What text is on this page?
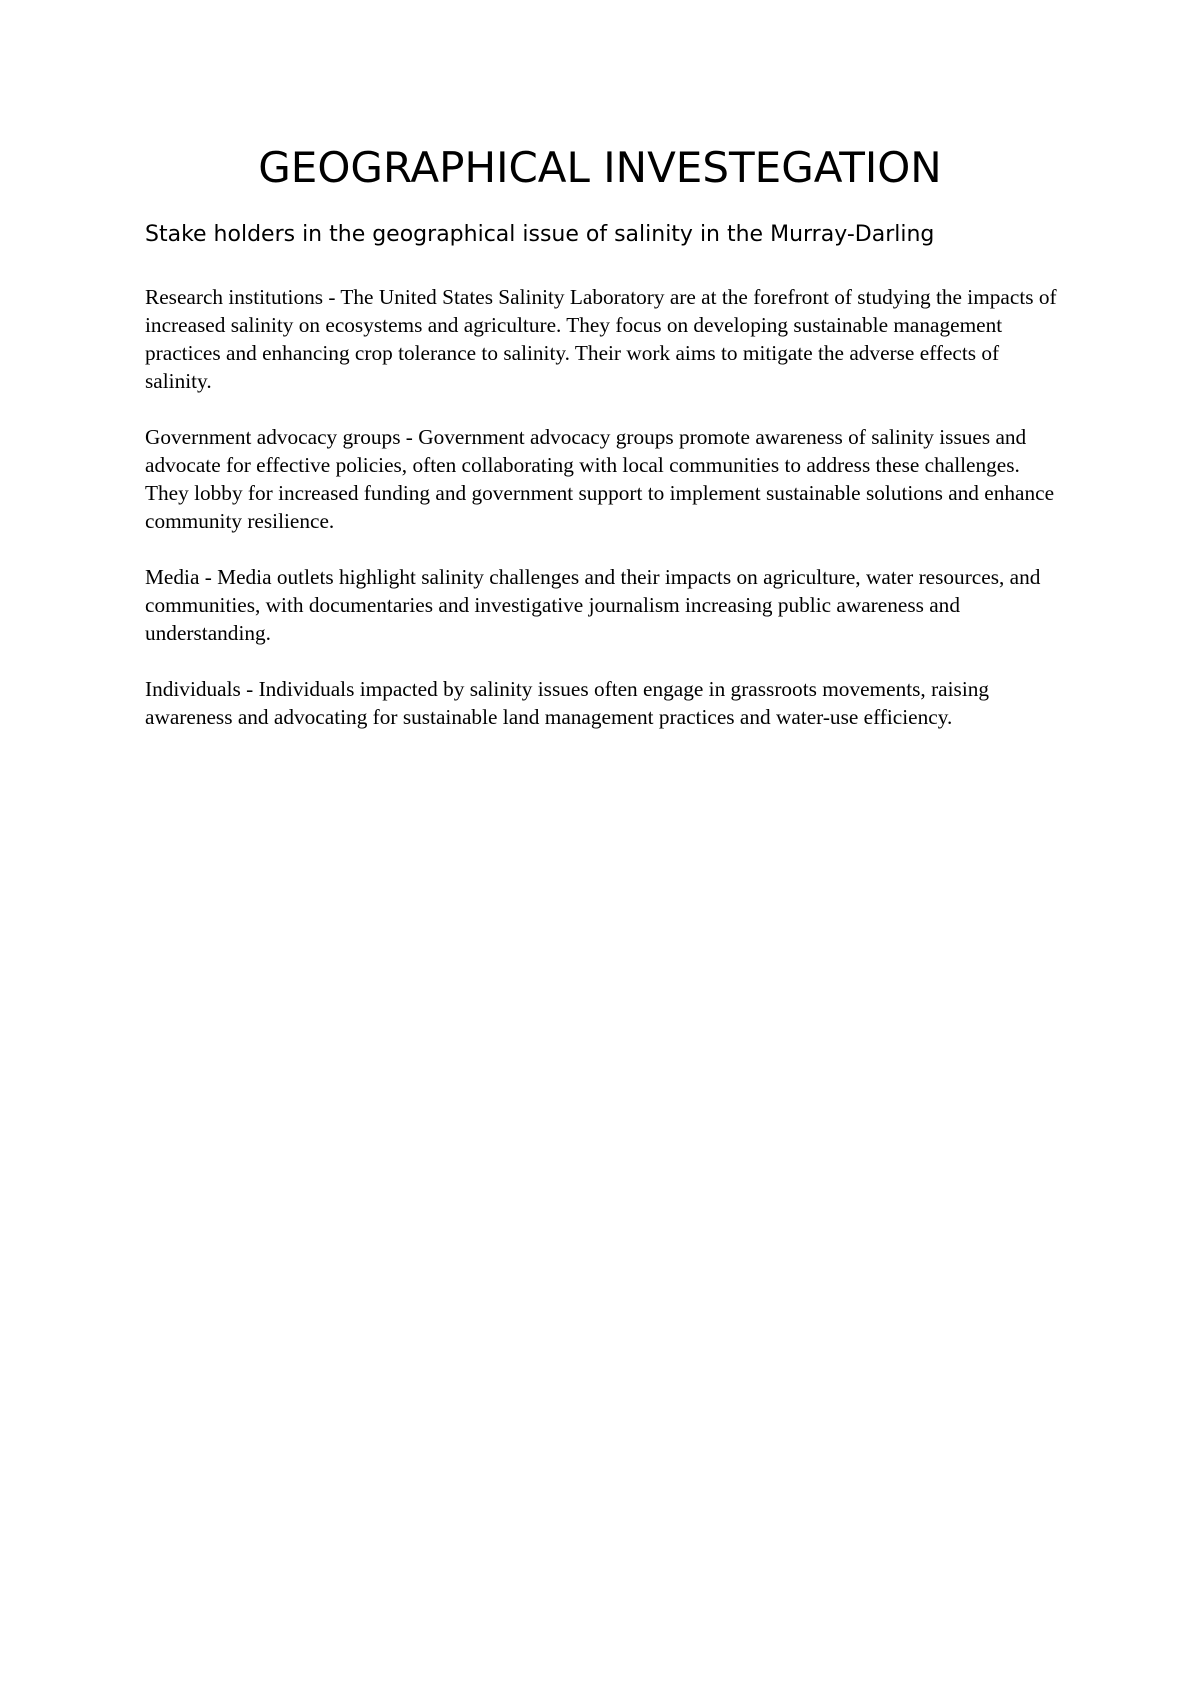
GEOGRAPHICAL INVESTEGATION
Stake holders in the geographical issue of salinity in the Murray-Darling

Research institutions - The United States Salinity Laboratory are at the forefront of studying the impacts of increased salinity on ecosystems and agriculture. They focus on developing sustainable management practices and enhancing crop tolerance to salinity. Their work aims to mitigate the adverse effects of salinity.

Government advocacy groups - Government advocacy groups promote awareness of salinity issues and advocate for effective policies, often collaborating with local communities to address these challenges. They lobby for increased funding and government support to implement sustainable solutions and enhance community resilience.

Media - Media outlets highlight salinity challenges and their impacts on agriculture, water resources, and communities, with documentaries and investigative journalism increasing public awareness and understanding.

Individuals - Individuals impacted by salinity issues often engage in grassroots movements, raising awareness and advocating for sustainable land management practices and water-use efficiency.
